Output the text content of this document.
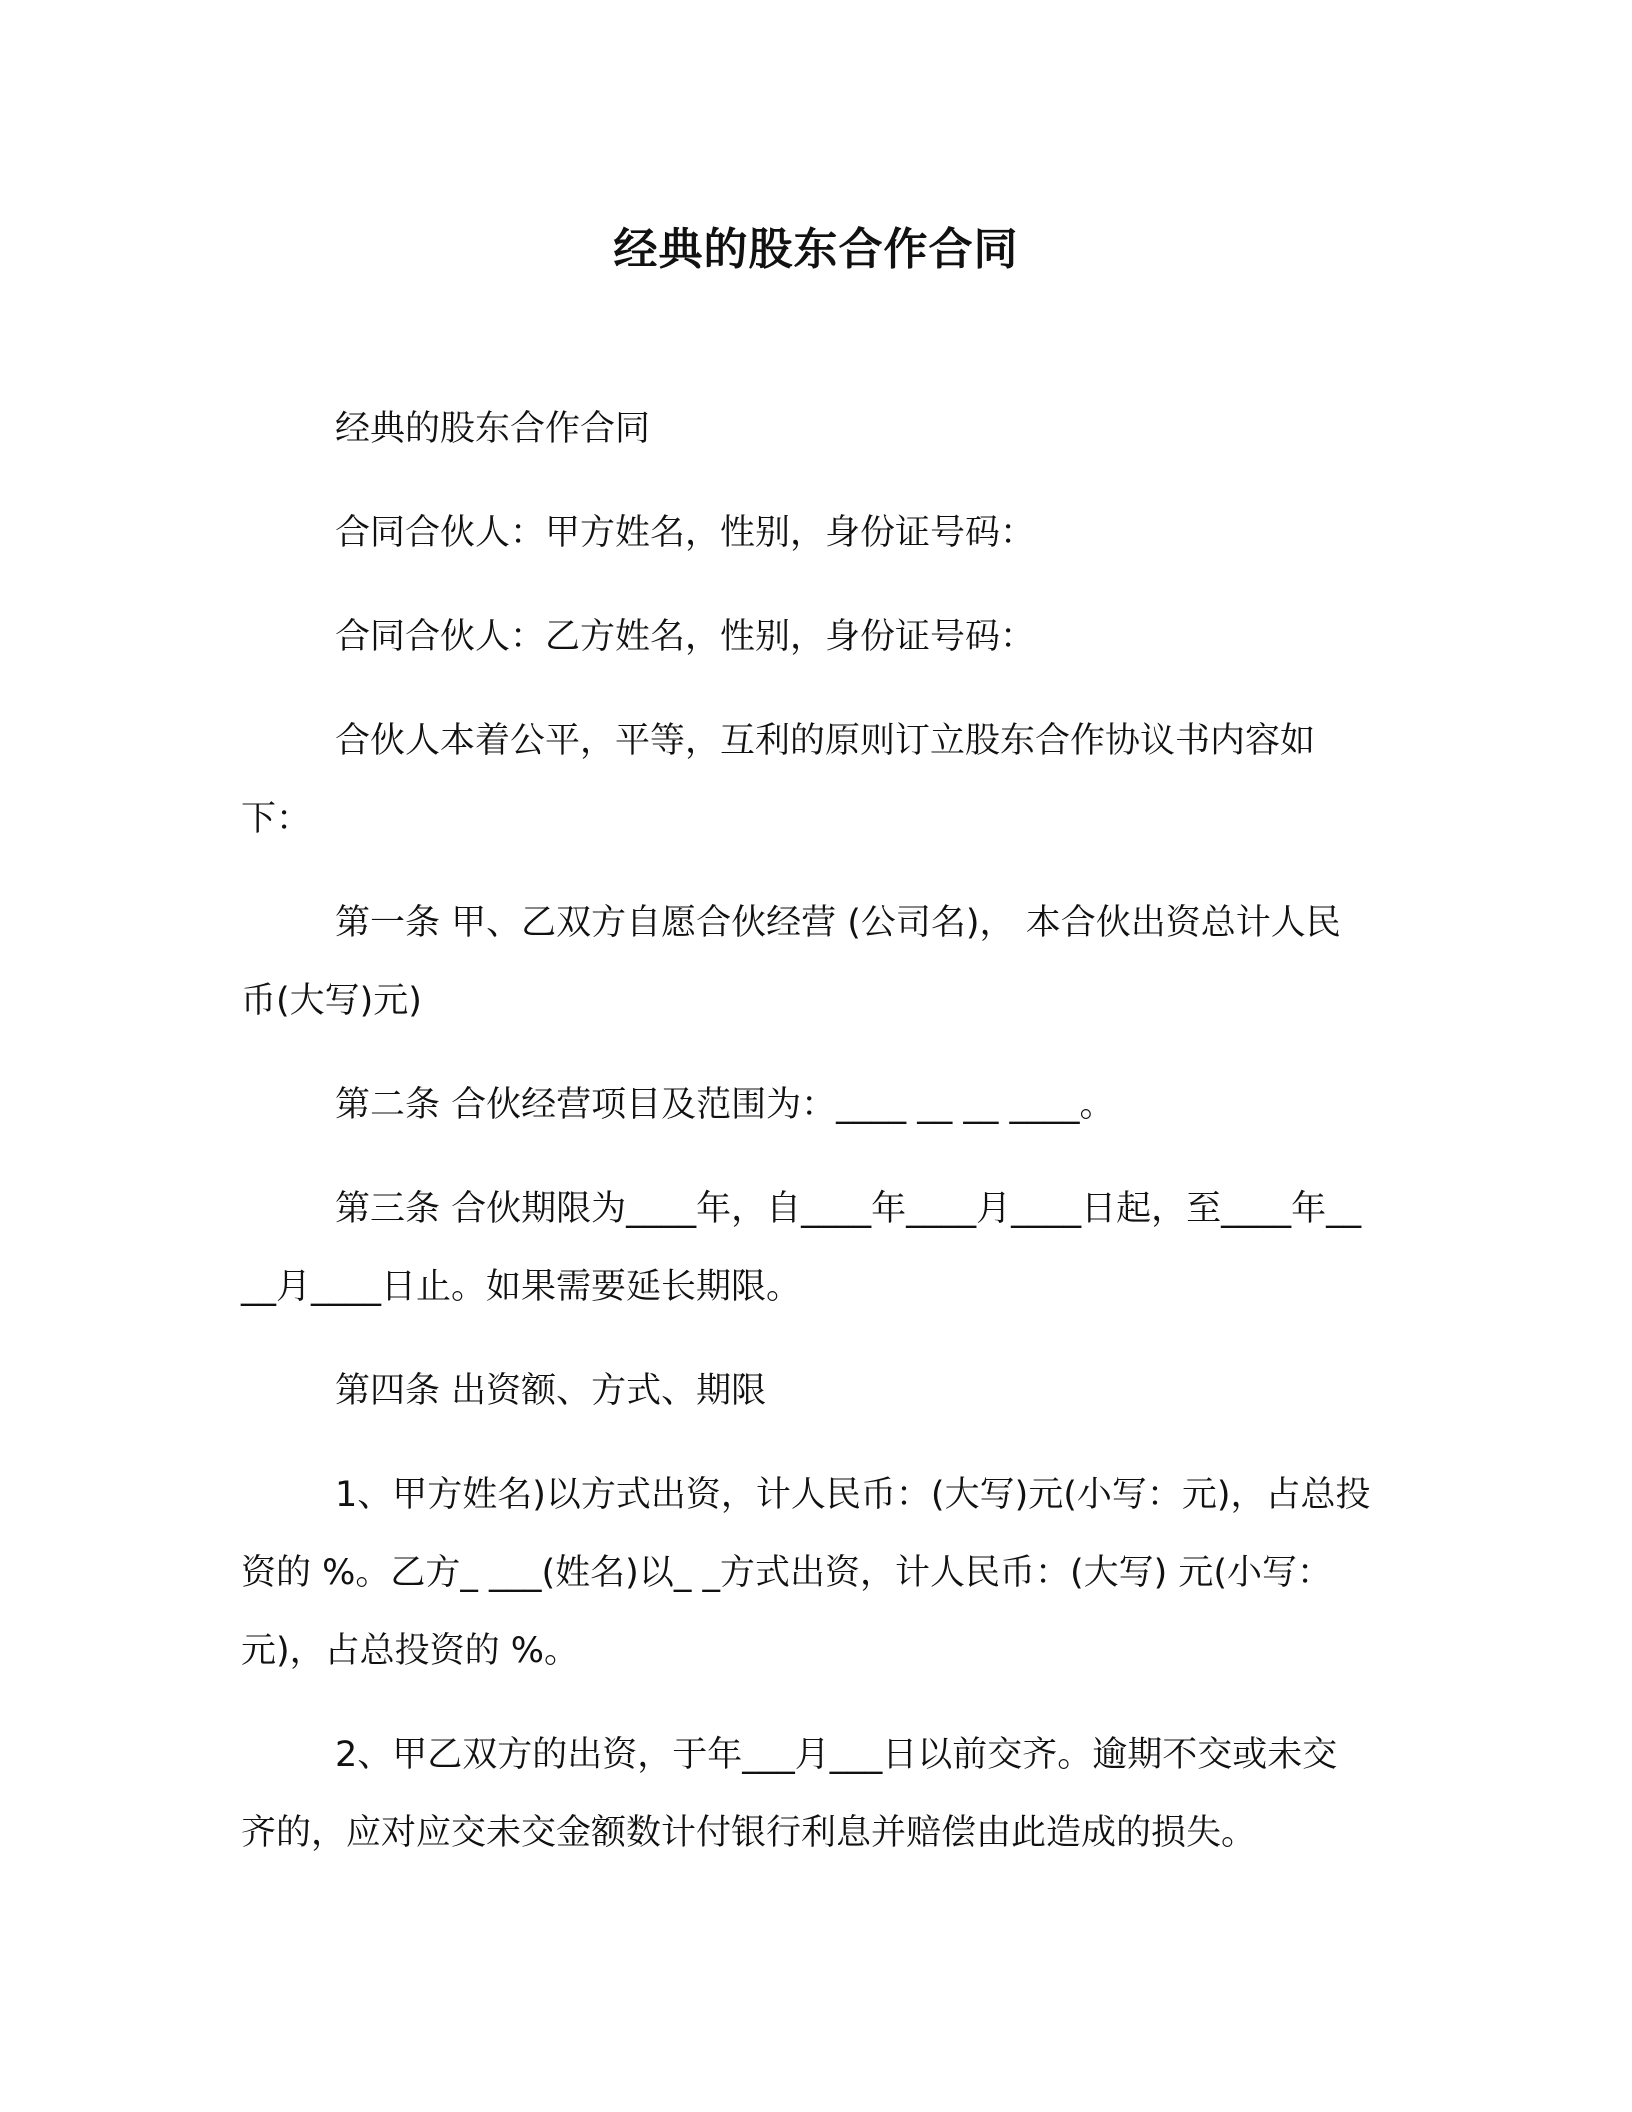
经典的股东合作合同

经典的股东合作合同

合同合伙人：甲方姓名，性别，身份证号码：

合同合伙人：乙方姓名，性别，身份证号码：

合伙人本着公平，平等，互利的原则订立股东合作协议书内容如下：

第一条 甲、乙双方自愿合伙经营 (公司名)， 本合伙出资总计人民币(大写)元)

第二条 合伙经营项目及范围为：____ __ __ ____。

第三条 合伙期限为____年，自____年____月____日起，至____年____月____日止。如果需要延长期限。

第四条 出资额、方式、期限

1、甲方姓名)以方式出资，计人民币：(大写)元(小写：元)，占总投资的 %。乙方_ ___(姓名)以_ _方式出资，计人民币：(大写) 元(小写：元)，占总投资的 %。

2、甲乙双方的出资，于年___月___日以前交齐。逾期不交或未交齐的，应对应交未交金额数计付银行利息并赔偿由此造成的损失。
